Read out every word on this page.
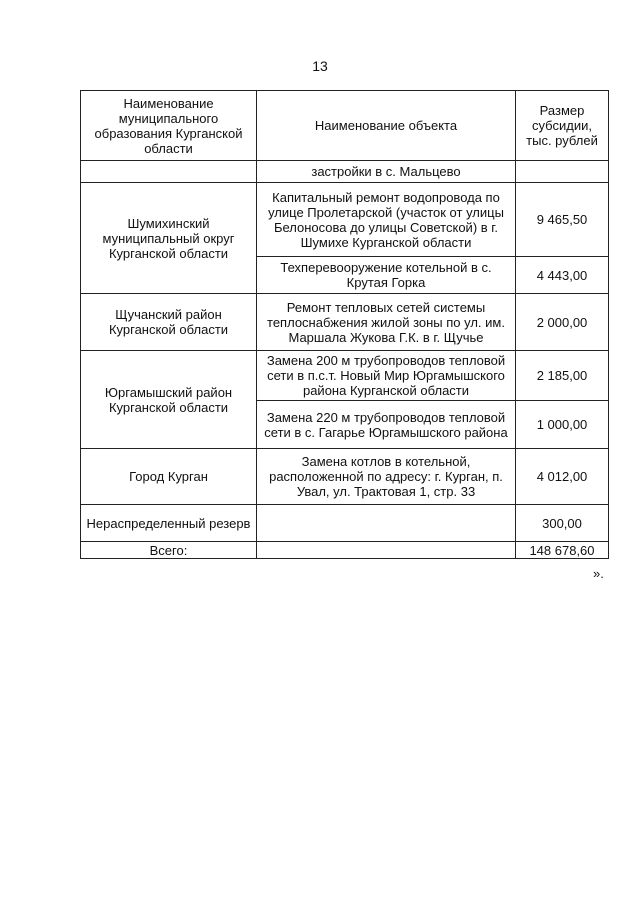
13
Наименование муниципального образования Курганской области	Наименование объекта	Размер субсидии, тыс. рублей
	застройки в с. Мальцево	
Шумихинский муниципальный округ Курганской области	Капитальный ремонт водопровода по улице Пролетарской (участок от улицы Белоносова до улицы Советской) в г. Шумихе Курганской области	9 465,50
	Техперевооружение котельной в с. Крутая Горка	4 443,00
Щучанский район Курганской области	Ремонт тепловых сетей системы теплоснабжения жилой зоны по ул. им. Маршала Жукова Г.К. в г. Щучье	2 000,00
Юргамышский район Курганской области	Замена 200 м трубопроводов тепловой сети в п.с.т. Новый Мир Юргамышского района Курганской области	2 185,00
	Замена 220 м трубопроводов тепловой сети в с. Гагарье Юргамышского района	1 000,00
Город Курган	Замена котлов в котельной, расположенной по адресу: г. Курган, п. Увал, ул. Трактовая 1, стр. 33	4 012,00
Нераспределенный резерв		300,00
Всего:		148 678,60
».
